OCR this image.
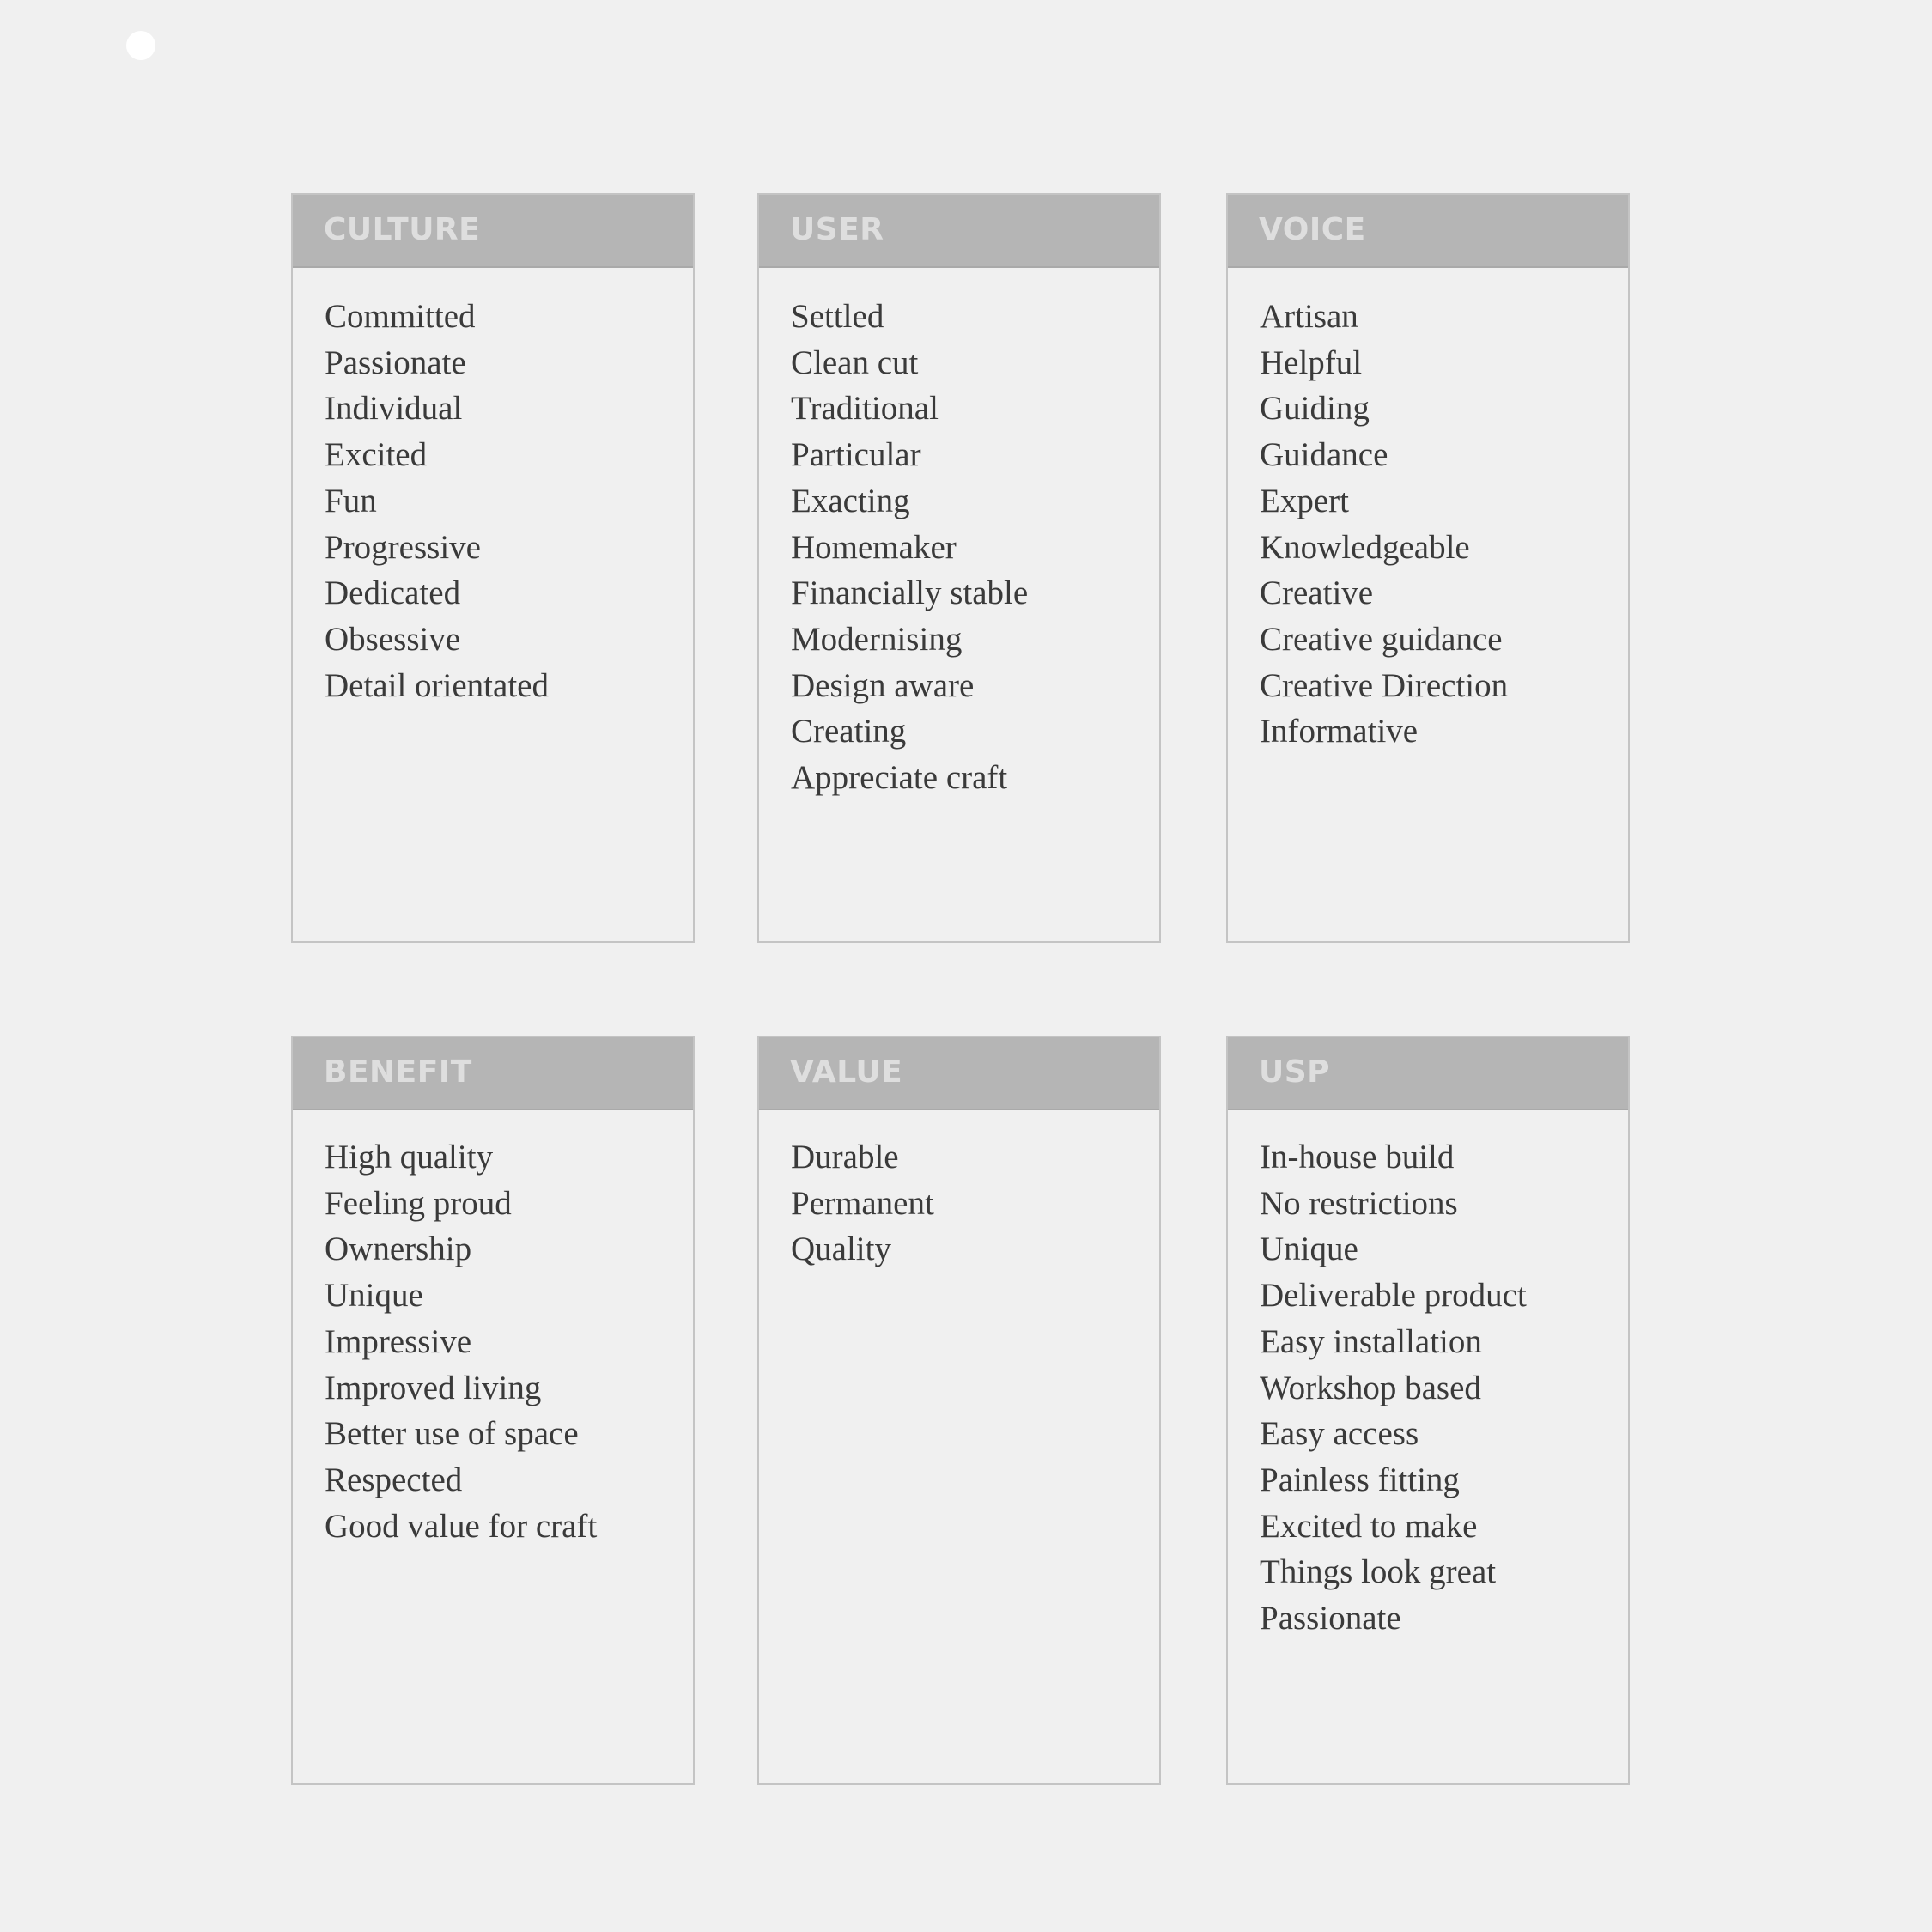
CULTURE
Committed
Passionate
Individual
Excited
Fun
Progressive
Dedicated
Obsessive
Detail orientated
USER
Settled
Clean cut
Traditional
Particular
Exacting
Homemaker
Financially stable
Modernising
Design aware
Creating
Appreciate craft
VOICE
Artisan
Helpful
Guiding
Guidance
Expert
Knowledgeable
Creative
Creative guidance
Creative Direction
Informative
BENEFIT
High quality
Feeling proud
Ownership
Unique
Impressive
Improved living
Better use of space
Respected
Good value for craft
VALUE
Durable
Permanent
Quality
USP
In-house build
No restrictions
Unique
Deliverable product
Easy installation
Workshop based
Easy access
Painless fitting
Excited to make
Things look great
Passionate
